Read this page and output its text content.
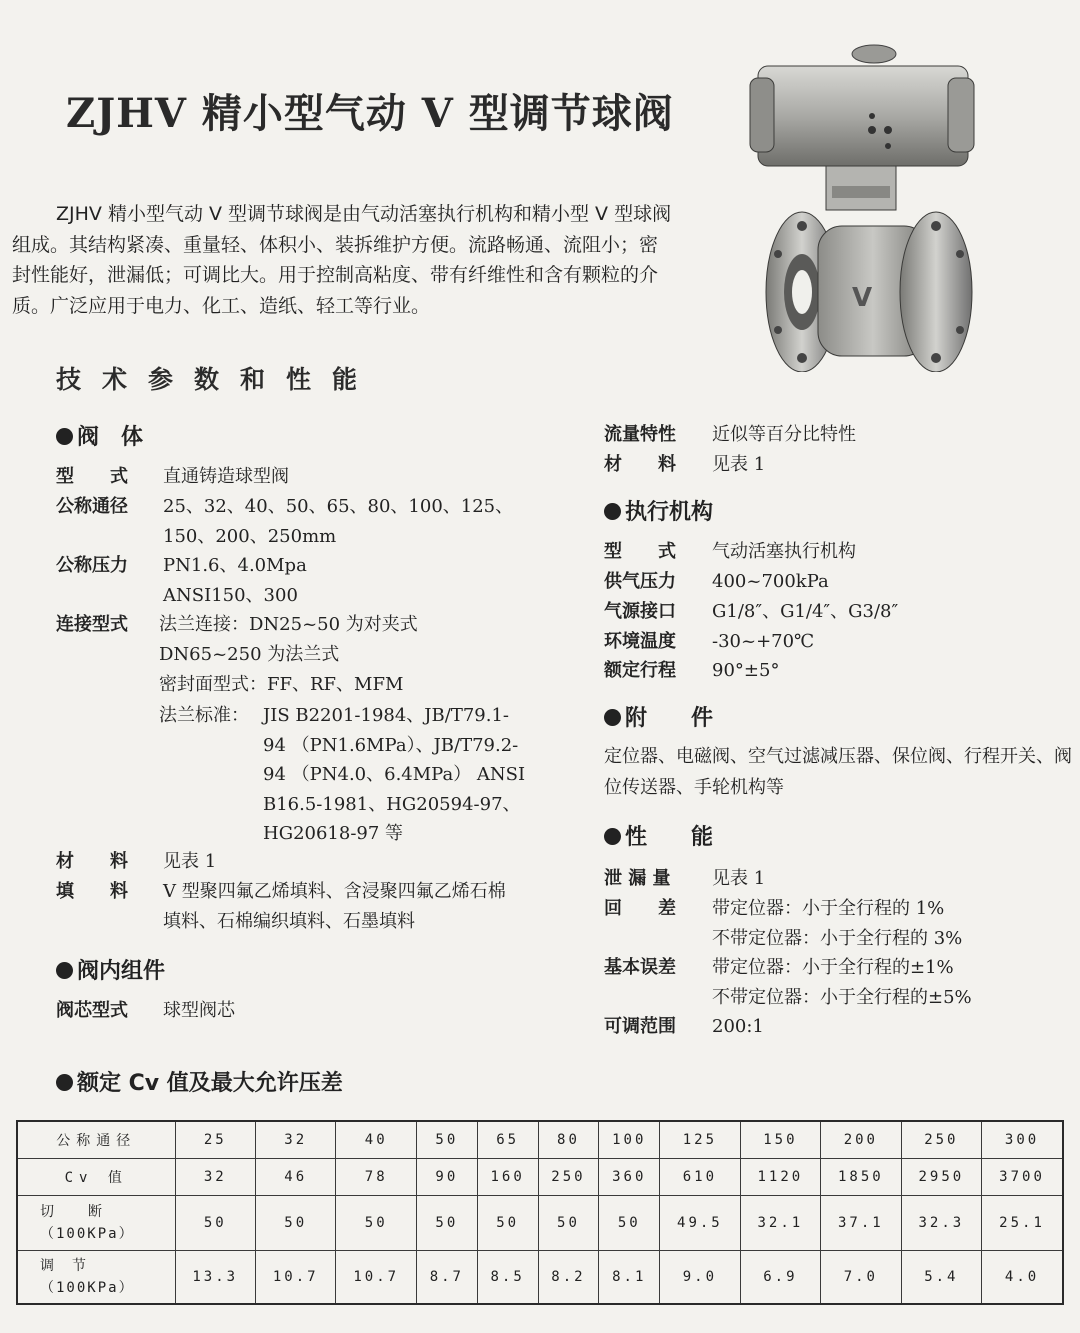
ZJHV 精小型气动 V 型调节球阀
ZJHV 精小型气动 V 型调节球阀是由气动活塞执行机构和精小型 V 型球阀组成。其结构紧凑、重量轻、体积小、装拆维护方便。流路畅通、流阻小；密封性能好，泄漏低；可调比大。用于控制高粘度、带有纤维性和含有颗粒的介质。广泛应用于电力、化工、造纸、轻工等行业。	V
技术参数和性能
阀　体
型　　式 直通铸造球型阀
公称通径 25、32、40、50、65、80、100、125、150、200、250mm
公称压力 PN1.6、4.0Mpa ANSI150、300
连接型式 法兰连接：DN25~50 为对夹式 DN65~250 为法兰式
密封面型式：FF、RF、MFM
法兰标准： JIS B2201-1984、JB/T79.1-
94 （PN1.6MPa）、JB/T79.2-
94 （PN4.0、6.4MPa） ANSI
B16.5-1981、HG20594-97、
HG20618-97 等
材　　料 见表 1
填　　料 V 型聚四氟乙烯填料、含浸聚四氟乙烯石棉填料、石棉编织填料、石墨填料
阀内组件
阀芯型式 球型阀芯
流量特性 近似等百分比特性
材　　料 见表 1
执行机构
型　　式 气动活塞执行机构
供气压力 400~700kPa
气源接口 G1/8″、G1/4″、G3/8″
环境温度 -30~+70℃
额定行程 90°±5°
附　　件
定位器、电磁阀、空气过滤减压器、保位阀、行程开关、阀位传送器、手轮机构等
性　　能
泄 漏 量 见表 1
回　　差 带定位器：小于全行程的 1%
不带定位器：小于全行程的 3%
基本误差 带定位器：小于全行程的±1%
不带定位器：小于全行程的±5%
可调范围 200:1
额定 Cv 值及最大允许压差
公称通径	25	32	40	50	65	80	100	125	150	200	250	300
Cv 值	32	46	78	90	160	250	360	610	1120	1850	2950	3700

切　　断
（100KPa）	50	50	50	50	50	50	50	49.5	32.1	37.1	32.3	25.1

调　节
（100KPa）	13.3	10.7	10.7	8.7	8.5	8.2	8.1	9.0	6.9	7.0	5.4	4.0
